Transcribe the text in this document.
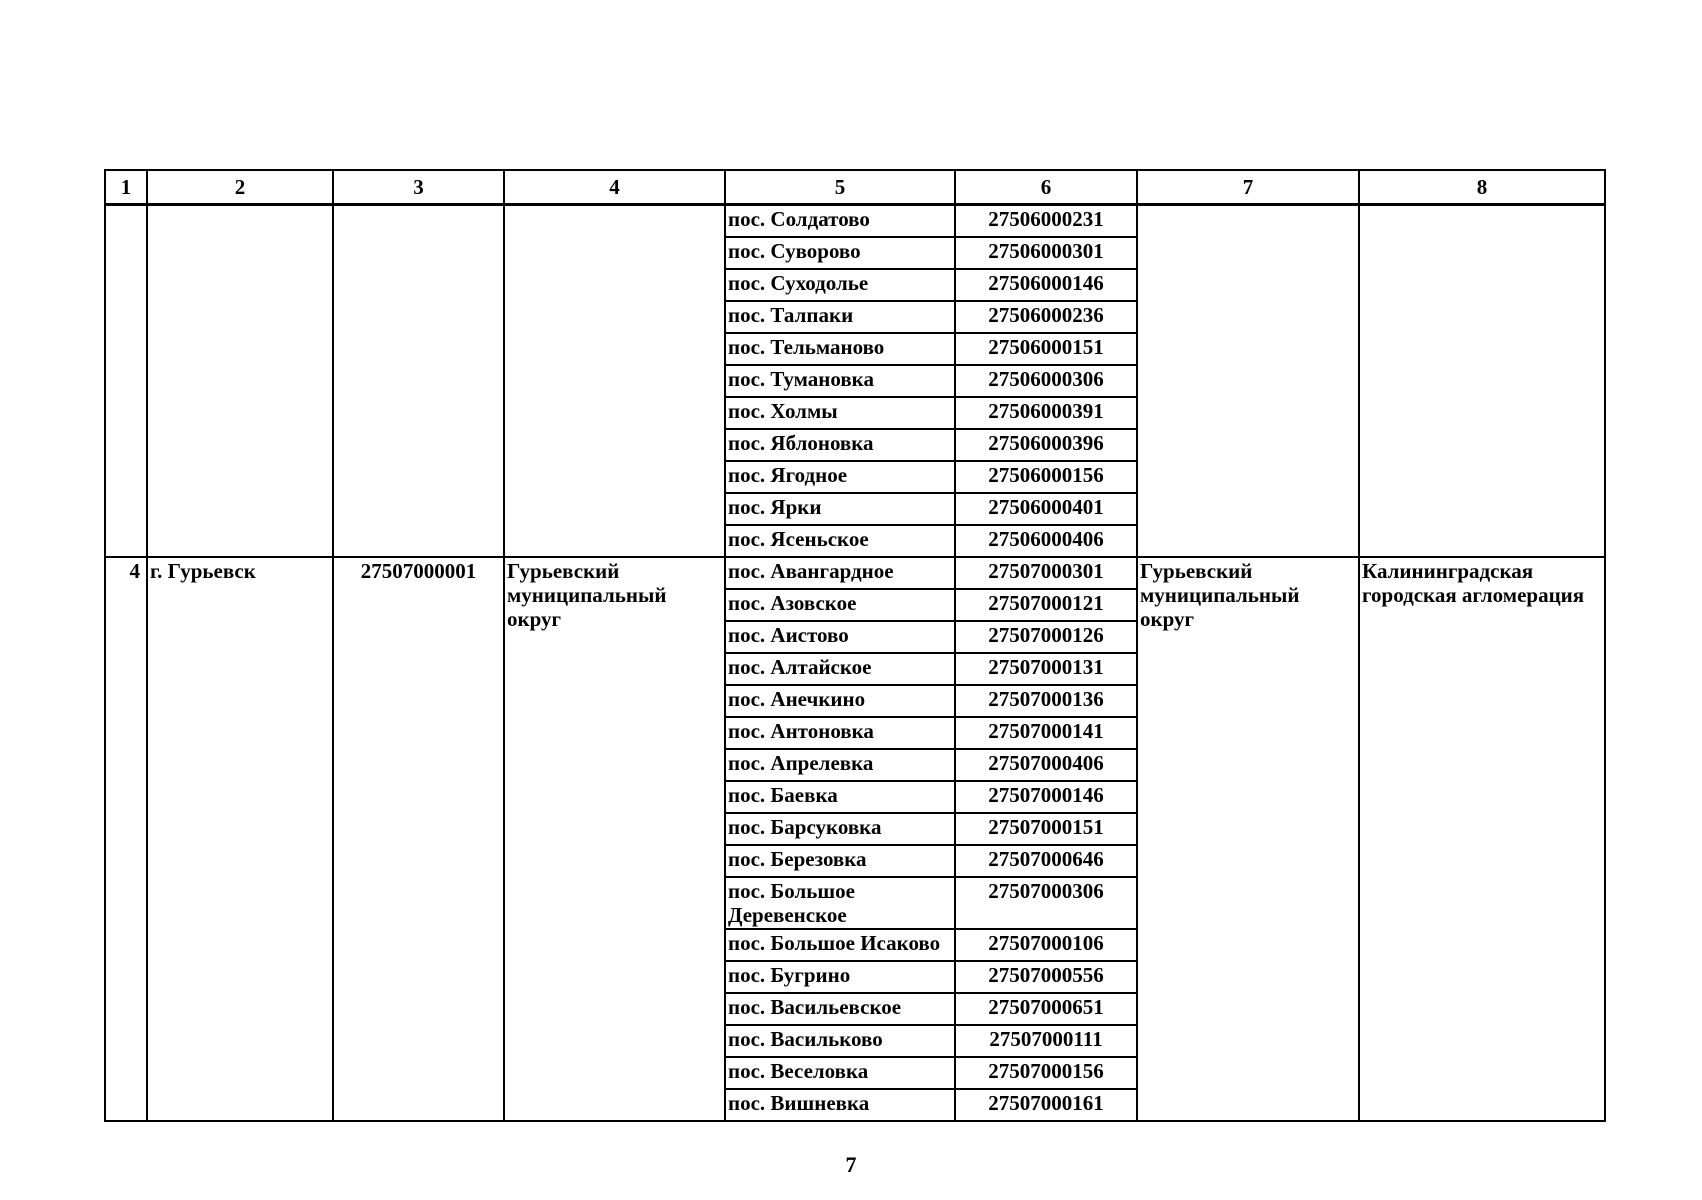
1	2	3	4	5	6	7	8
				пос. Солдатово	27506000231		
				пос. Суворово	27506000301		
				пос. Суходолье	27506000146		
				пос. Талпаки	27506000236		
				пос. Тельманово	27506000151		
				пос. Тумановка	27506000306		
				пос. Холмы	27506000391		
				пос. Яблоновка	27506000396		
				пос. Ягодное	27506000156		
				пос. Ярки	27506000401		
				пос. Ясеньское	27506000406		
4	г. Гурьевск	27507000001	Гурьевский муниципальный округ	пос. Авангардное	27507000301	Гурьевский муниципальный округ	Калининградская городская агломерация
				пос. Азовское	27507000121		
				пос. Аистово	27507000126		
				пос. Алтайское	27507000131		
				пос. Анечкино	27507000136		
				пос. Антоновка	27507000141		
				пос. Апрелевка	27507000406		
				пос. Баевка	27507000146		
				пос. Барсуковка	27507000151		
				пос. Березовка	27507000646		
				пос. Большое Деревенское	27507000306		
				пос. Большое Исаково	27507000106		
				пос. Бугрино	27507000556		
				пос. Васильевское	27507000651		
				пос. Васильково	27507000111		
				пос. Веселовка	27507000156		
				пос. Вишневка	27507000161		
7
